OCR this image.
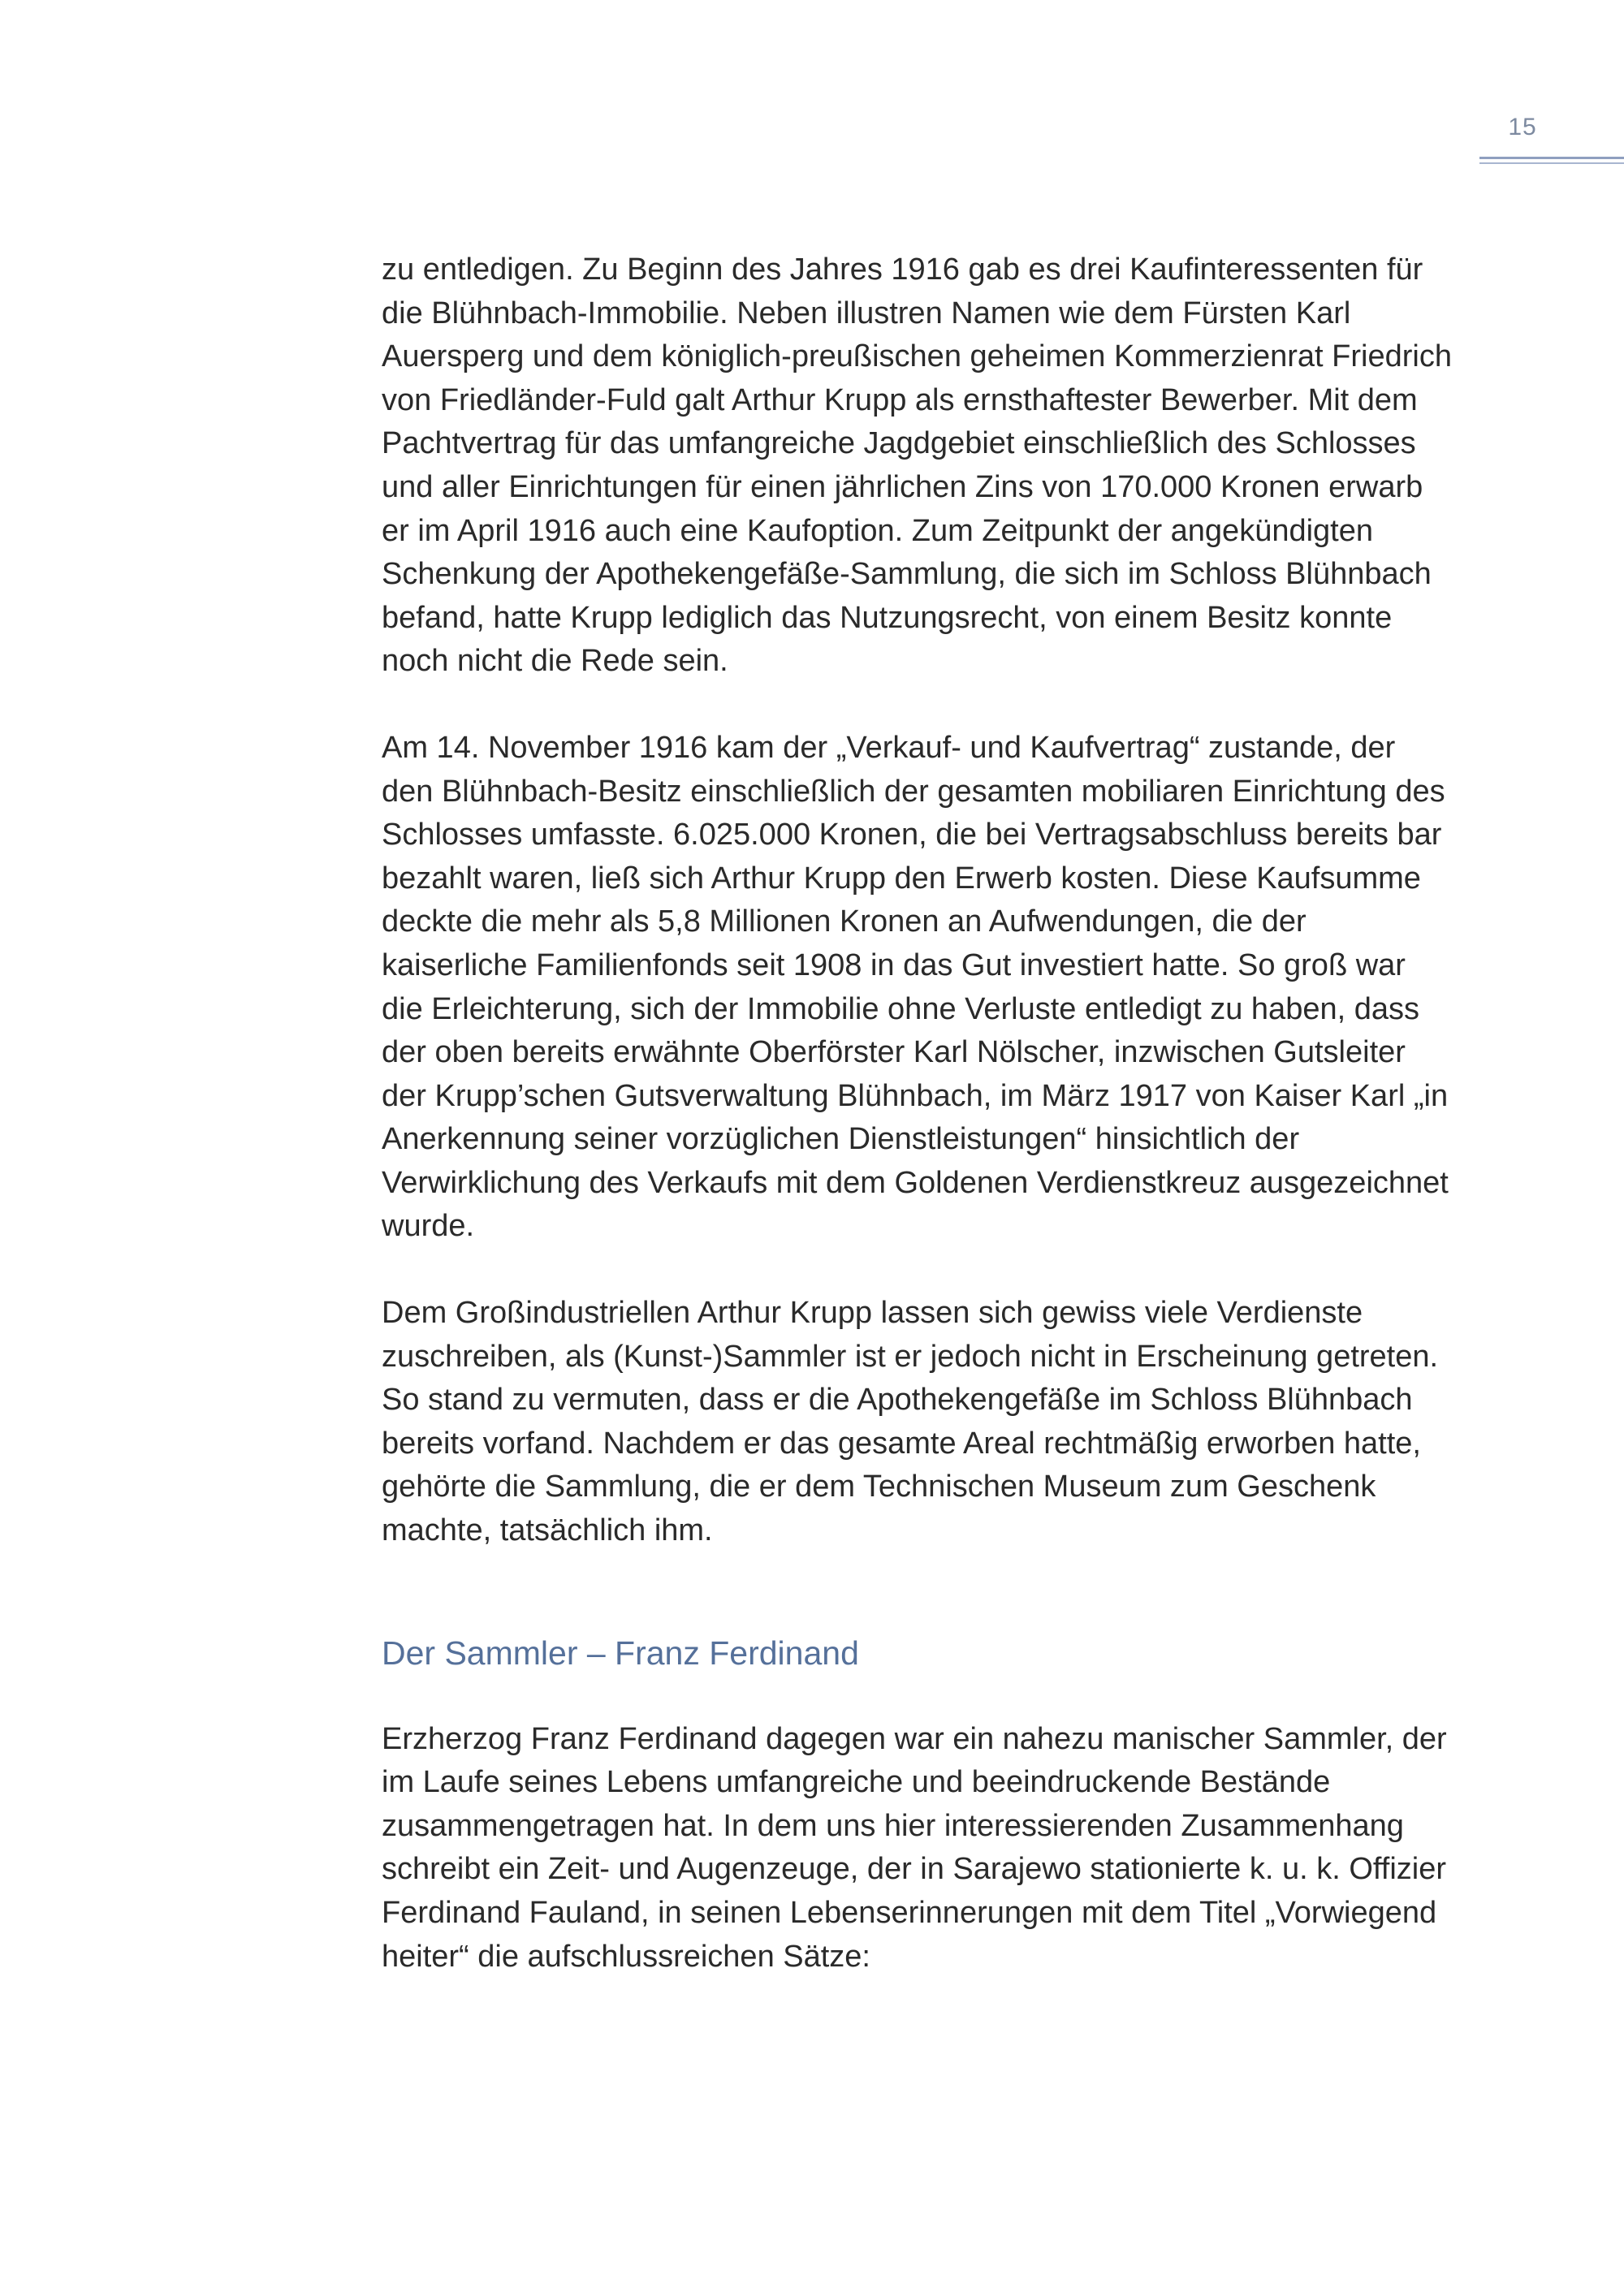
15

zu entledigen. Zu Beginn des Jahres 1916 gab es drei Kaufinteressenten für die Blühnbach-Immobilie. Neben illustren Namen wie dem Fürsten Karl Auersperg und dem königlich-preußischen geheimen Kommerzienrat Friedrich von Friedländer-Fuld galt Arthur Krupp als ernsthaftester Bewerber. Mit dem Pachtvertrag für das umfangreiche Jagdgebiet einschließlich des Schlosses und aller Einrichtungen für einen jährlichen Zins von 170.000 Kronen erwarb er im April 1916 auch eine Kaufoption. Zum Zeitpunkt der angekündigten Schenkung der Apothekengefäße-Sammlung, die sich im Schloss Blühnbach befand, hatte Krupp lediglich das Nutzungsrecht, von einem Besitz konnte noch nicht die Rede sein.

Am 14. November 1916 kam der „Verkauf- und Kaufvertrag“ zustande, der den Blühnbach-Besitz einschließlich der gesamten mobiliaren Einrichtung des Schlosses umfasste. 6.025.000 Kronen, die bei Vertragsabschluss bereits bar bezahlt waren, ließ sich Arthur Krupp den Erwerb kosten. Diese Kaufsumme deckte die mehr als 5,8 Millionen Kronen an Aufwendungen, die der kaiserliche Familienfonds seit 1908 in das Gut investiert hatte. So groß war die Erleichterung, sich der Immobilie ohne Verluste entledigt zu haben, dass der oben bereits erwähnte Oberförster Karl Nölscher, inzwischen Gutsleiter der Krupp’schen Gutsverwaltung Blühnbach, im März 1917 von Kaiser Karl „in Anerkennung seiner vorzüglichen Dienstleistungen“ hinsichtlich der Verwirklichung des Verkaufs mit dem Goldenen Verdienstkreuz ausgezeichnet wurde.

Dem Großindustriellen Arthur Krupp lassen sich gewiss viele Verdienste zuschreiben, als (Kunst-)Sammler ist er jedoch nicht in Erscheinung getreten. So stand zu vermuten, dass er die Apothekengefäße im Schloss Blühnbach bereits vorfand. Nachdem er das gesamte Areal rechtmäßig erworben hatte, gehörte die Sammlung, die er dem Technischen Museum zum Geschenk machte, tatsächlich ihm.

Der Sammler – Franz Ferdinand

Erzherzog Franz Ferdinand dagegen war ein nahezu manischer Sammler, der im Laufe seines Lebens umfangreiche und beeindruckende Bestände zusammengetragen hat. In dem uns hier interessierenden Zusammenhang schreibt ein Zeit- und Augenzeuge, der in Sarajewo stationierte k. u. k. Offizier Ferdinand Fauland, in seinen Lebenserinnerungen mit dem Titel „Vorwiegend heiter“ die aufschlussreichen Sätze:
